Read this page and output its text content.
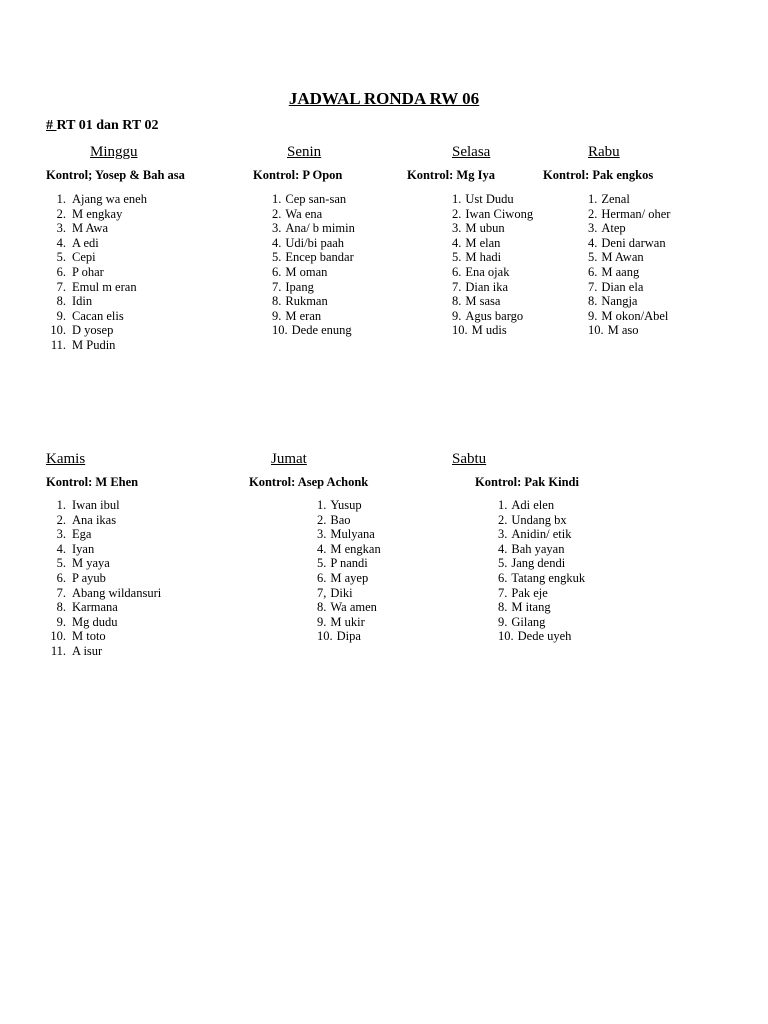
JADWAL RONDA RW 06
# RT 01 dan RT 02
Minggu
Kontrol; Yosep & Bah asa
1. Ajang wa eneh
2. M engkay
3. M Awa
4. A edi
5. Cepi
6. P ohar
7. Emul m eran
8. Idin
9. Cacan elis
10. D yosep
11. M Pudin
Senin
Kontrol: P Opon
1. Cep san-san
2. Wa ena
3. Ana/ b mimin
4. Udi/bi paah
5. Encep bandar
6. M oman
7. Ipang
8. Rukman
9. M eran
10. Dede enung
Selasa
Kontrol: Mg Iya
1. Ust Dudu
2. Iwan Ciwong
3. M ubun
4. M elan
5. M hadi
6. Ena ojak
7. Dian ika
8. M sasa
9. Agus bargo
10. M udis
Rabu
Kontrol: Pak engkos
1. Zenal
2. Herman/ oher
3. Atep
4. Deni darwan
5. M Awan
6. M aang
7. Dian ela
8. Nangja
9. M okon/Abel
10. M aso
Kamis
Kontrol: M Ehen
1. Iwan ibul
2. Ana ikas
3. Ega
4. Iyan
5. M yaya
6. P ayub
7. Abang wildansuri
8. Karmana
9. Mg dudu
10. M toto
11. A isur
Jumat
Kontrol: Asep Achonk
1. Yusup
2. Bao
3. Mulyana
4. M engkan
5. P nandi
6. M ayep
7, Diki
8. Wa amen
9. M ukir
10. Dipa
Sabtu
Kontrol: Pak Kindi
1. Adi elen
2. Undang bx
3. Anidin/ etik
4. Bah yayan
5. Jang dendi
6. Tatang engkuk
7. Pak eje
8. M itang
9. Gilang
10. Dede uyeh
